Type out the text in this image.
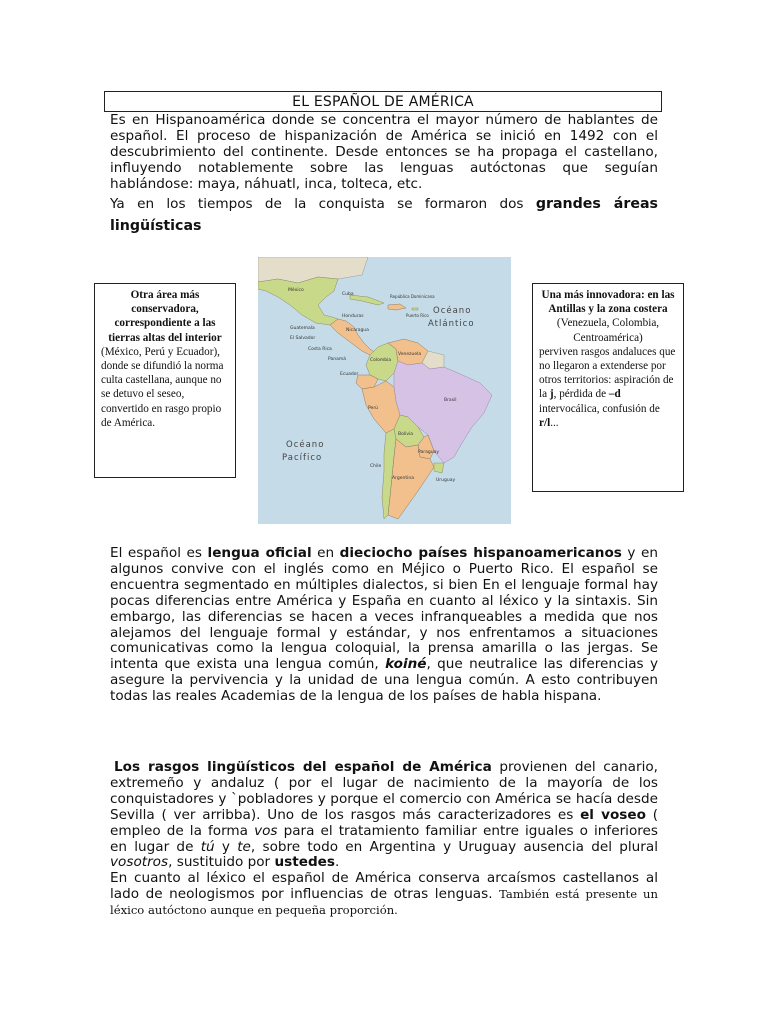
EL ESPAÑOL DE AMÉRICA
Es en Hispanoamérica donde se concentra el mayor número de hablantes de español. El proceso de hispanización de América se inició en 1492 con el descubrimiento del continente. Desde entonces se ha propaga el castellano, influyendo notablemente sobre las lenguas autóctonas que seguían hablándose: maya, náhuatl, inca, tolteca, etc.
Ya en los tiempos de la conquista se formaron dos grandes áreas lingüísticas
Otra área más conservadora, correspondiente a las tierras altas del interior
(México, Perú y Ecuador), donde se difundió la norma culta castellana, aunque no se detuvo el seseo, convertido en rasgo propio de América.
Océano
Atlántico
Océano
Pacífico
México
Cuba	República Dominicana
Puerto Rico
Honduras
Guatemala
El Salvador
Nicaragua
Costa Rica
Panamá
Venezuela
Colombia
Ecuador
Perú
Brasil
Bolivia
Paraguay
Chile
Argentina	Uruguay
Una más innovadora: en las Antillas y la zona costera
(Venezuela, Colombia, Centroamérica)
perviven rasgos andaluces que no llegaron a extenderse por otros territorios: aspiración de la j, pérdida de –d intervocálica, confusión de r/l...
El español es lengua oficial en dieciocho países hispanoamericanos y en algunos convive con el inglés como en Méjico o Puerto Rico. El español se encuentra segmentado en múltiples dialectos, si bien En el lenguaje formal hay pocas diferencias entre América y España en cuanto al léxico y la sintaxis. Sin embargo, las diferencias se hacen a veces infranqueables a medida que nos alejamos del lenguaje formal y estándar, y nos enfrentamos a situaciones comunicativas como la lengua coloquial, la prensa amarilla o las jergas. Se intenta que exista una lengua común, koiné, que neutralice las diferencias y asegure la pervivencia y la unidad de una lengua común. A esto contribuyen todas las reales Academias de la lengua de los países de habla hispana.
Los rasgos lingüísticos del español de América provienen del canario, extremeño y andaluz ( por el lugar de nacimiento de la mayoría de los conquistadores y `pobladores y porque el comercio con América se hacía desde Sevilla ( ver arribba). Uno de los rasgos más caracterizadores es el voseo ( empleo de la forma vos para el tratamiento familiar entre iguales o inferiores en lugar de tú y te, sobre todo en Argentina y Uruguay ausencia del plural vosotros, sustituido por ustedes.
En cuanto al léxico el español de América conserva arcaísmos castellanos al lado de neologismos por influencias de otras lenguas. También está presente un léxico autóctono aunque en pequeña proporción.
